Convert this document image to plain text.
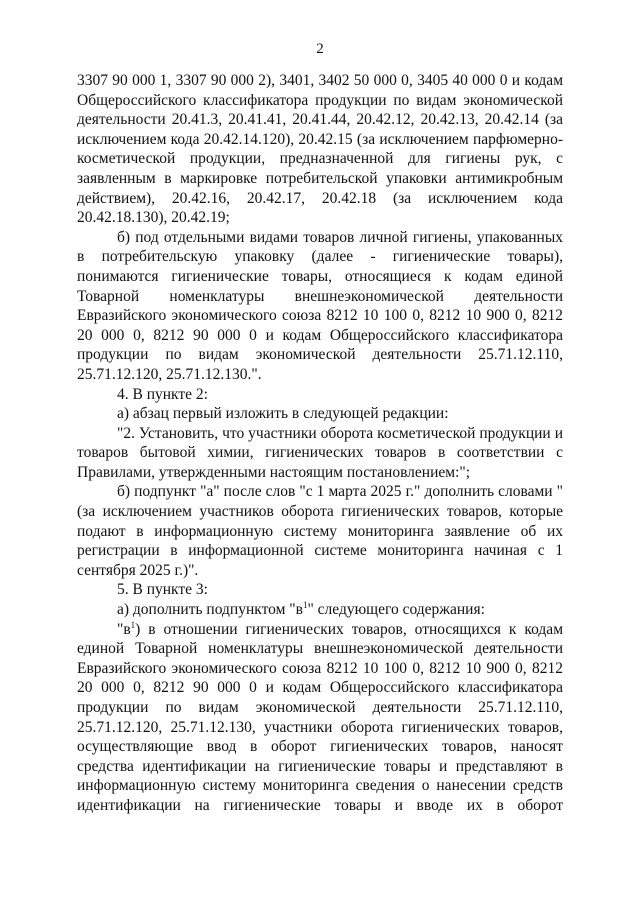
2

3307 90 000 1, 3307 90 000 2), 3401, 3402 50 000 0, 3405 40 000 0 и кодам Общероссийского классификатора продукции по видам экономической деятельности 20.41.3, 20.41.41, 20.41.44, 20.42.12, 20.42.13, 20.42.14 (за исключением кода 20.42.14.120), 20.42.15 (за исключением парфюмерно-косметической продукции, предназначенной для гигиены рук, с заявленным в маркировке потребительской упаковки антимикробным действием), 20.42.16, 20.42.17, 20.42.18 (за исключением кода 20.42.18.130), 20.42.19;

б) под отдельными видами товаров личной гигиены, упакованных в потребительскую упаковку (далее - гигиенические товары), понимаются гигиенические товары, относящиеся к кодам единой Товарной номенклатуры внешнеэкономической деятельности Евразийского экономического союза 8212 10 100 0, 8212 10 900 0, 8212 20 000 0, 8212 90 000 0 и кодам Общероссийского классификатора продукции по видам экономической деятельности 25.71.12.110, 25.71.12.120, 25.71.12.130.".

4. В пункте 2:

а) абзац первый изложить в следующей редакции:

"2. Установить, что участники оборота косметической продукции и товаров бытовой химии, гигиенических товаров в соответствии с Правилами, утвержденными настоящим постановлением:";

б) подпункт "а" после слов "с 1 марта 2025 г." дополнить словами "(за исключением участников оборота гигиенических товаров, которые подают в информационную систему мониторинга заявление об их регистрации в информационной системе мониторинга начиная с 1 сентября 2025 г.)".

5. В пункте 3:

а) дополнить подпунктом "$в^1$" следующего содержания:

"$в^1$) в отношении гигиенических товаров, относящихся к кодам единой Товарной номенклатуры внешнеэкономической деятельности Евразийского экономического союза 8212 10 100 0, 8212 10 900 0, 8212 20 000 0, 8212 90 000 0 и кодам Общероссийского классификатора продукции по видам экономической деятельности 25.71.12.110, 25.71.12.120, 25.71.12.130, участники оборота гигиенических товаров, осуществляющие ввод в оборот гигиенических товаров, наносят средства идентификации на гигиенические товары и представляют в информационную систему мониторинга сведения о нанесении средств идентификации на гигиенические товары и вводе их в оборот
